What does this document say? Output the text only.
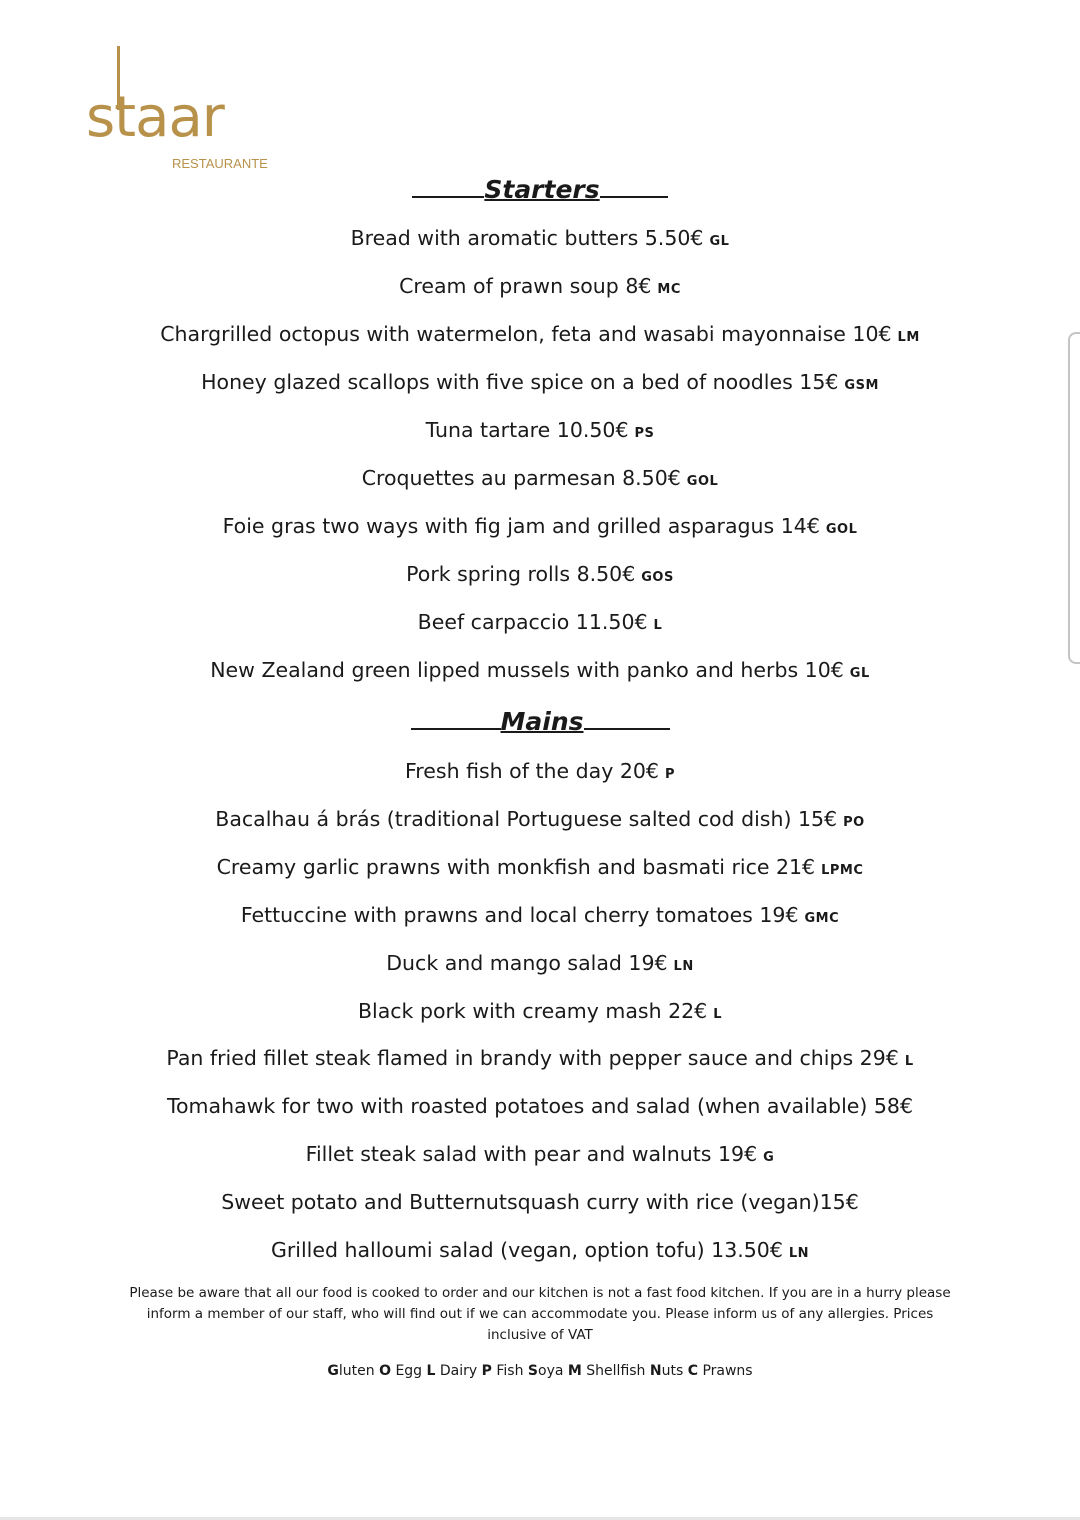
staar
RESTAURANTE
Starters
Bread with aromatic butters 5.50€ GL
Cream of prawn soup 8€ MC
Chargrilled octopus with watermelon, feta and wasabi mayonnaise 10€ LM
Honey glazed scallops with five spice on a bed of noodles 15€ GSM
Tuna tartare 10.50€ PS
Croquettes au parmesan 8.50€ GOL
Foie gras two ways with fig jam and grilled asparagus 14€ GOL
Pork spring rolls 8.50€ GOS
Beef carpaccio 11.50€ L
New Zealand green lipped mussels with panko and herbs 10€ GL
Mains
Fresh fish of the day 20€ P
Bacalhau á brás (traditional Portuguese salted cod dish) 15€ PO
Creamy garlic prawns with monkfish and basmati rice 21€ LPMC
Fettuccine with prawns and local cherry tomatoes 19€ GMC
Duck and mango salad 19€ LN
Black pork with creamy mash 22€ L
Pan fried fillet steak flamed in brandy with pepper sauce and chips 29€ L
Tomahawk for two with roasted potatoes and salad (when available) 58€
Fillet steak salad with pear and walnuts 19€ G
Sweet potato and Butternutsquash curry with rice (vegan)15€
Grilled halloumi salad (vegan, option tofu) 13.50€ LN
Please be aware that all our food is cooked to order and our kitchen is not a fast food kitchen. If you are in a hurry please inform a member of our staff, who will find out if we can accommodate you. Please inform us of any allergies. Prices inclusive of VAT
Gluten O Egg L Dairy P Fish Soya M Shellfish Nuts C Prawns
